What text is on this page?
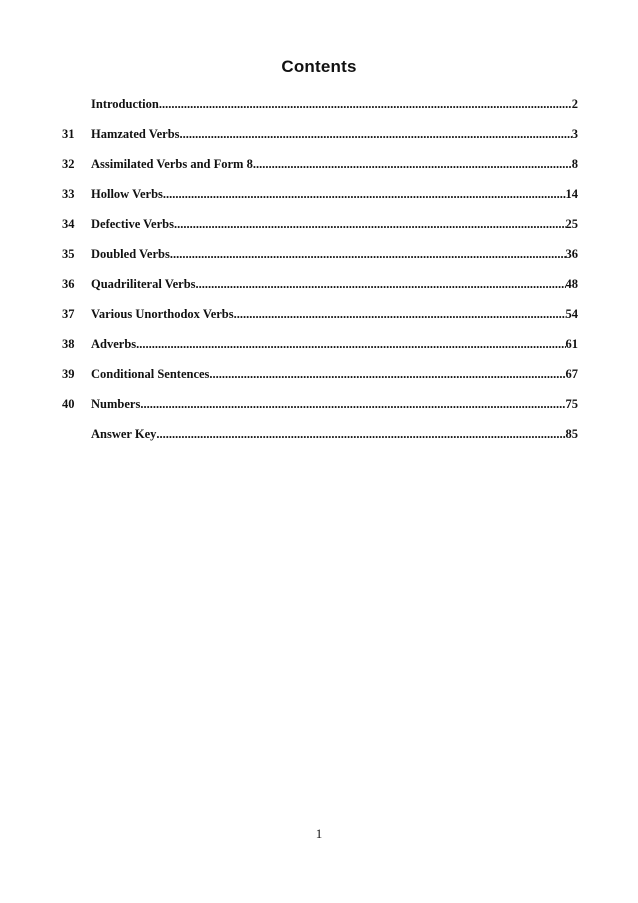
Contents
Introduction .....	2
31 Hamzated Verbs .....	3
32 Assimilated Verbs and Form 8 .....	8
33 Hollow Verbs .....	14
34 Defective Verbs .....	25
35 Doubled Verbs .....	36
36 Quadriliteral Verbs .....	48
37 Various Unorthodox Verbs .....	54
38 Adverbs .....	61
39 Conditional Sentences .....	67
40 Numbers .....	75
Answer Key .....	85
1
